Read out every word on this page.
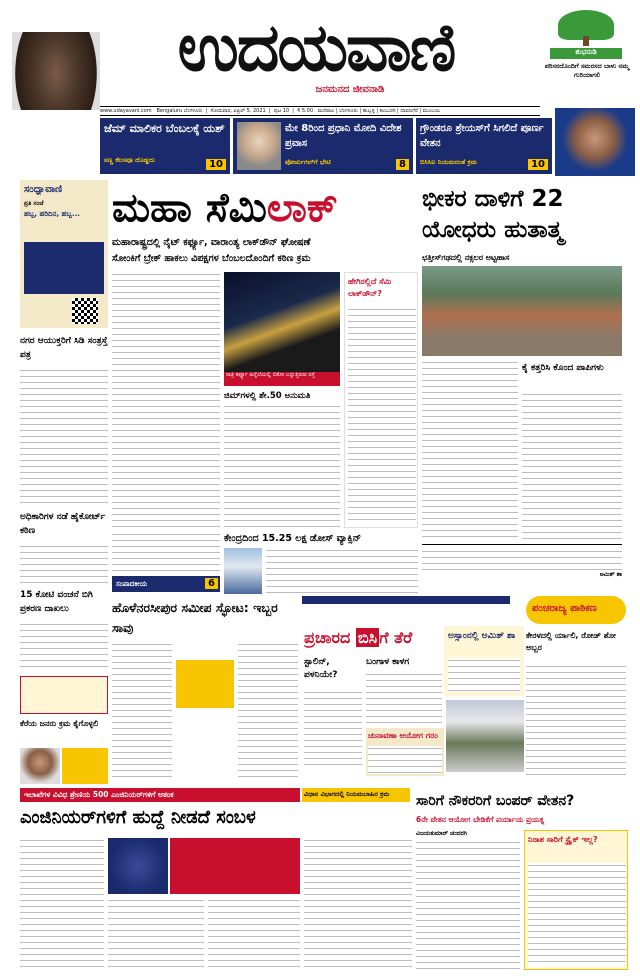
ಉದಯವಾಣಿ
ಜನಮನದ ಜೀವನಾಡಿ
ಶುಭನುಡಿ
ಪರಿಸರದೊಂದಿಗೆ ಸಮರಸದ ಬಾಳು ನಮ್ಮ ಗುರಿಯಾಗಲಿ
www.udayavani.com Bengaluru ಬೆಂಗಳೂರು  |  ಸೋಮವಾರ, ಏಪ್ರಿಲ್ 5, 2021  |  ಪುಟ 10  |  ₹ 5.00 ಮಣಿಪಾಲ | ಬೆಂಗಳೂರು | ಹುಬ್ಬಳ್ಳಿ | ಕಲಬುರಗಿ | ದಾವಣಗೆರೆ | ಮುಂಬಯಿ
ಜೆಮ್ ಮಾಲಿಕರ ಬೆಂಬಲಕ್ಕೆ ಯಶ್
ಸಣ್ಣ ಕೆಲಸವೂ ದೊಡ್ಡದು	10
ಮೇ 8ರಿಂದ ಪ್ರಧಾನಿ ಮೋದಿ ವಿದೇಶ ಪ್ರವಾಸ
ಪೋರ್ಚುಗಲ್‌ಗೆ ಭೇಟಿ	8
ಗ್ರೌಂಡರೂ ಶ್ರೇಯಸ್‌ಗೆ ಸಿಗಲಿದೆ ಪೂರ್ಣ ವೇತನ
ಬಿಸಿಸಿಐ ನಿಯಮದಂತೆ ಕ್ರಮ	10
ಸಂಧ್ಯಾವಾಣಿ
ಪ್ರತಿ ಸಂಜೆ
ಹಬ್ಬ, ಹರಿದಿನ, ಹಬ್ಬ...
ನಗರ ಆಯುಕ್ತರಿಗೆ ಸಿಡಿ ಸಂತ್ರಸ್ತೆ ಪತ್ರ
ಅಧಿಕಾರಿಗಳ ನಡೆ ಹೈಕೋರ್ಟ್ ಕಠಿಣ
15 ಕೋಟಿ ವಂಚನೆ ಬಿಗಿ ಪ್ರಕರಣ ದಾಖಲು
ಕೆರೆಯ ಜನರು ಕ್ರಮ ಕೈಗೊಳ್ಳಲಿ
ಮಹಾ ಸೆಮಿಲಾಕ್
ಮಹಾರಾಷ್ಟ್ರದಲ್ಲಿ ನೈಟ್ ಕರ್ಫ್ಯೂ, ವಾರಾಂತ್ಯ ಲಾಕ್‌ಡೌನ್ ಘೋಷಣೆ
ಸೋಂಕಿಗೆ ಬ್ರೇಕ್ ಹಾಕಲು ವಿಪಕ್ಷಗಳ ಬೆಂಬಲದೊಂದಿಗೆ ಕಠಿಣ ಕ್ರಮ
ರಾತ್ರಿ ಕರ್ಫ್ಯೂ ಹಿನ್ನೆಲೆಯಲ್ಲಿ ಬಿಕೋ ಎನ್ನುತ್ತಿರುವ ರಸ್ತೆ
ಜಿಮ್‌ಗಳಲ್ಲಿ ಶೇ.50 ಅನುಮತಿ
ಹೇಗಿರಲ್ಲಿದೆ ಸೆಮಿ ಲಾಕ್‌ಡೌನ್?
ಭೀಕರ ದಾಳಿಗೆ 22 ಯೋಧರು ಹುತಾತ್ಮ
ಛತ್ತೀಸ್‌ಗಢದಲ್ಲಿ ನಕ್ಸಲರ ಅಟ್ಟಹಾಸ
ಕೈ ಕತ್ತರಿಸಿ ಕೊಂದ ಪಾಪಿಗಳು
ಅಮಿತ್ ಶಾ
ಕೇಂದ್ರದಿಂದ 15.25 ಲಕ್ಷ ಡೋಸ್ ವ್ಯಾಕ್ಸಿನ್
ಸಂಪಾದಕೀಯ	6
ಹೊಳೆನರಸೀಪುರ ಸಮೀಪ ಸ್ಫೋಟ: ಇಬ್ಬರ ಸಾವು
ಪ್ರಚಾರದ ಬಿಸಿ ಗೆ ತೆರೆ
ಸ್ಟಾಲಿನ್, ಪಳನಿಯೇ?
ಬಂಗಾಳ ಕಾಳಗ
ಅಸ್ಸಾಂನಲ್ಲಿ ಅಮಿತ್ ಶಾ
ಚುನಾವಣಾ ಆಯೋಗ ಗರಂ
ಪಂಚರಾಜ್ಯ ಪಾಠಿಕಣ
ಕೇರಳದಲ್ಲಿ ರ್ಯಾಲಿ, ರೋಡ್ ಶೋ ಅಬ್ಬರ
ಇಲಾಖೆಗಳ ವಿವಿಧ ಶ್ರೇಣಿಯ 500 ಎಂಜಿನಿಯರ್‌ಗಳಿಗೆ ಆತಂಕ	ವಿಧಾನ ವಿಭಾಗದಲ್ಲಿ ನಿಯಮಬಾಹಿರ ಕ್ರಮ
ಎಂಜಿನಿಯರ್‌ಗಳಿಗೆ ಹುದ್ದೆ ನೀಡದೆ ಸಂಬಳ
ಸಾರಿಗೆ ನೌಕರರಿಗೆ ಬಂಪರ್ ವೇತನ?
6ನೇ ವೇತನ ಆಯೋಗ ಬೇಡಿಕೆಗೆ ಪರ್ಯಾಯ ಪ್ರಯತ್ನ
ವಿಜಯಕುಮಾರ್ ಚಂದರಗಿ
ನಿರಾಶ ಸಾರಿಗೆ ಸ್ಟ್ರೈಕ್ ಇಲ್ಲ?
